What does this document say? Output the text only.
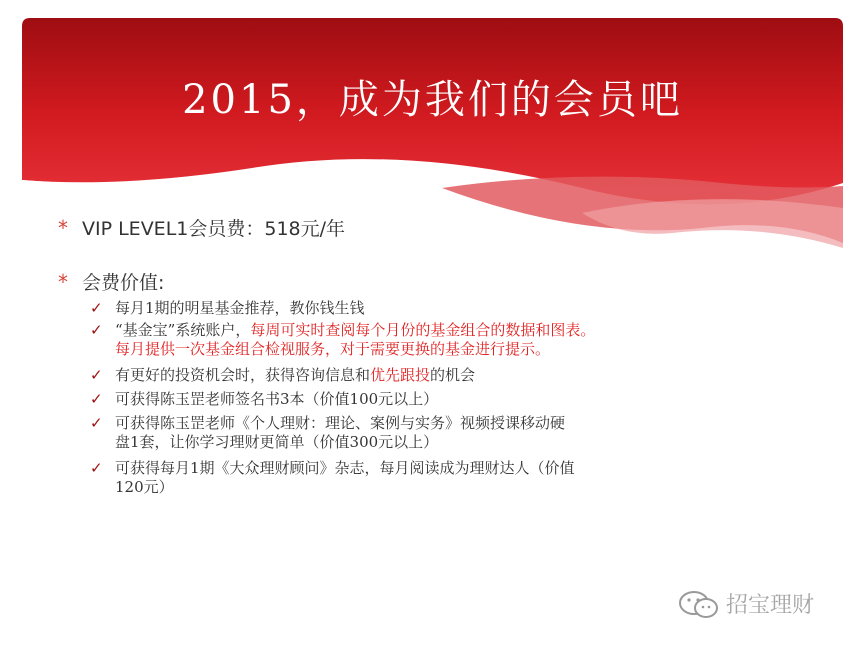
2015，成为我们的会员吧
* VIP LEVEL1会员费：518元/年
* 会费价值:
✓ 每月1期的明星基金推荐，教你钱生钱
✓ “基金宝”系统账户，每周可实时查阅每个月份的基金组合的数据和图表。
每月提供一次基金组合检视服务，对于需要更换的基金进行提示。
✓ 有更好的投资机会时，获得咨询信息和优先跟投的机会
✓ 可获得陈玉罡老师签名书3本（价值100元以上）
✓ 可获得陈玉罡老师《个人理财：理论、案例与实务》视频授课移动硬
盘1套，让你学习理财更简单（价值300元以上）
✓ 可获得每月1期《大众理财顾问》杂志，每月阅读成为理财达人（价值
120元）
招宝理财
